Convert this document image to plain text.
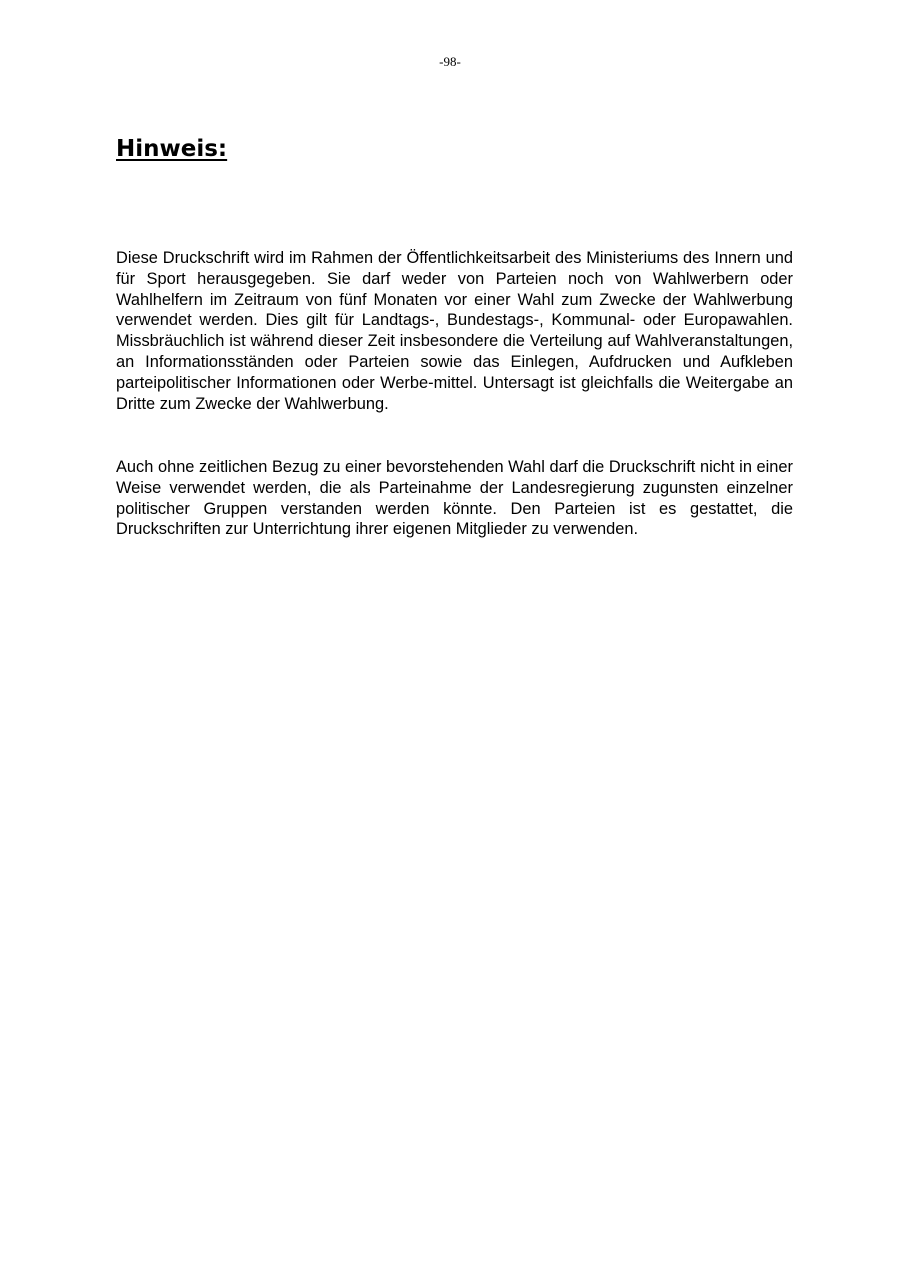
-98-
Hinweis:

Diese Druckschrift wird im Rahmen der Öffentlichkeitsarbeit des Ministeriums des Innern und für Sport herausgegeben. Sie darf weder von Parteien noch von Wahlwerbern oder Wahlhelfern im Zeitraum von fünf Monaten vor einer Wahl zum Zwecke der Wahlwerbung verwendet werden. Dies gilt für Landtags-, Bundestags-, Kommunal- oder Europawahlen. Missbräuchlich ist während dieser Zeit insbesondere die Verteilung auf Wahlveranstaltungen, an Informationsständen oder Parteien sowie das Einlegen, Aufdrucken und Aufkleben parteipolitischer Informationen oder Werbe-mittel. Untersagt ist gleichfalls die Weitergabe an Dritte zum Zwecke der Wahlwerbung.

Auch ohne zeitlichen Bezug zu einer bevorstehenden Wahl darf die Druckschrift nicht in einer Weise verwendet werden, die als Parteinahme der Landesregierung zugunsten einzelner politischer Gruppen verstanden werden könnte. Den Parteien ist es gestattet, die Druckschriften zur Unterrichtung ihrer eigenen Mitglieder zu verwenden.
